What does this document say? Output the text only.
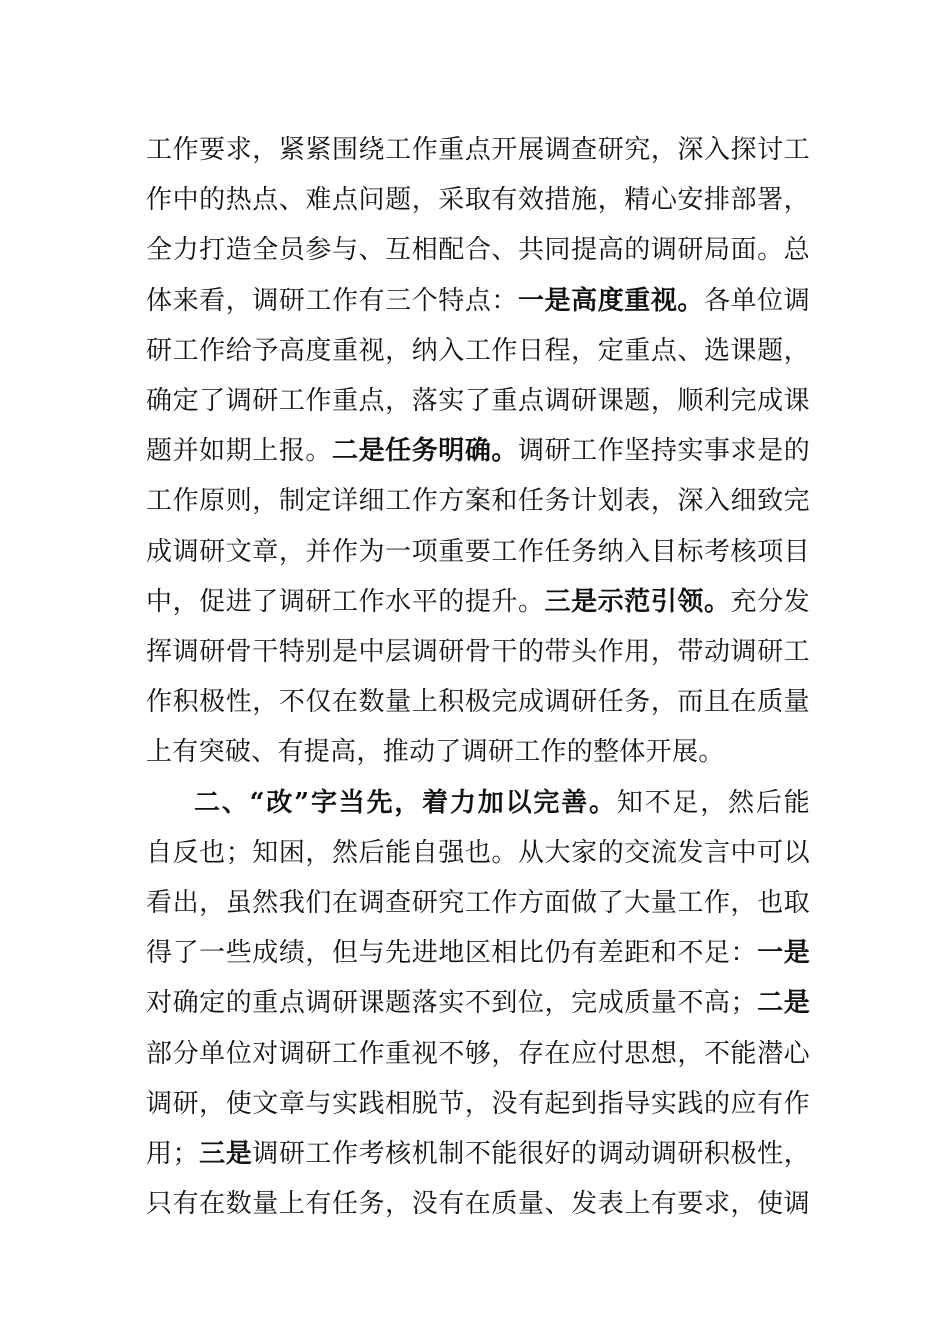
工作要求，紧紧围绕工作重点开展调查研究，深入探讨工
作中的热点、难点问题，采取有效措施，精心安排部署，
全力打造全员参与、互相配合、共同提高的调研局面。总
体来看，调研工作有三个特点：一是高度重视。各单位调
研工作给予高度重视，纳入工作日程，定重点、选课题，
确定了调研工作重点，落实了重点调研课题，顺利完成课
题并如期上报。二是任务明确。调研工作坚持实事求是的
工作原则，制定详细工作方案和任务计划表，深入细致完
成调研文章，并作为一项重要工作任务纳入目标考核项目
中，促进了调研工作水平的提升。三是示范引领。充分发
挥调研骨干特别是中层调研骨干的带头作用，带动调研工
作积极性，不仅在数量上积极完成调研任务，而且在质量
上有突破、有提高，推动了调研工作的整体开展。
二、“改”字当先，着力加以完善。知不足，然后能
自反也；知困，然后能自强也。从大家的交流发言中可以
看出，虽然我们在调查研究工作方面做了大量工作，也取
得了一些成绩，但与先进地区相比仍有差距和不足：一是
对确定的重点调研课题落实不到位，完成质量不高；二是
部分单位对调研工作重视不够，存在应付思想，不能潜心
调研，使文章与实践相脱节，没有起到指导实践的应有作
用；三是调研工作考核机制不能很好的调动调研积极性，
只有在数量上有任务，没有在质量、发表上有要求，使调
